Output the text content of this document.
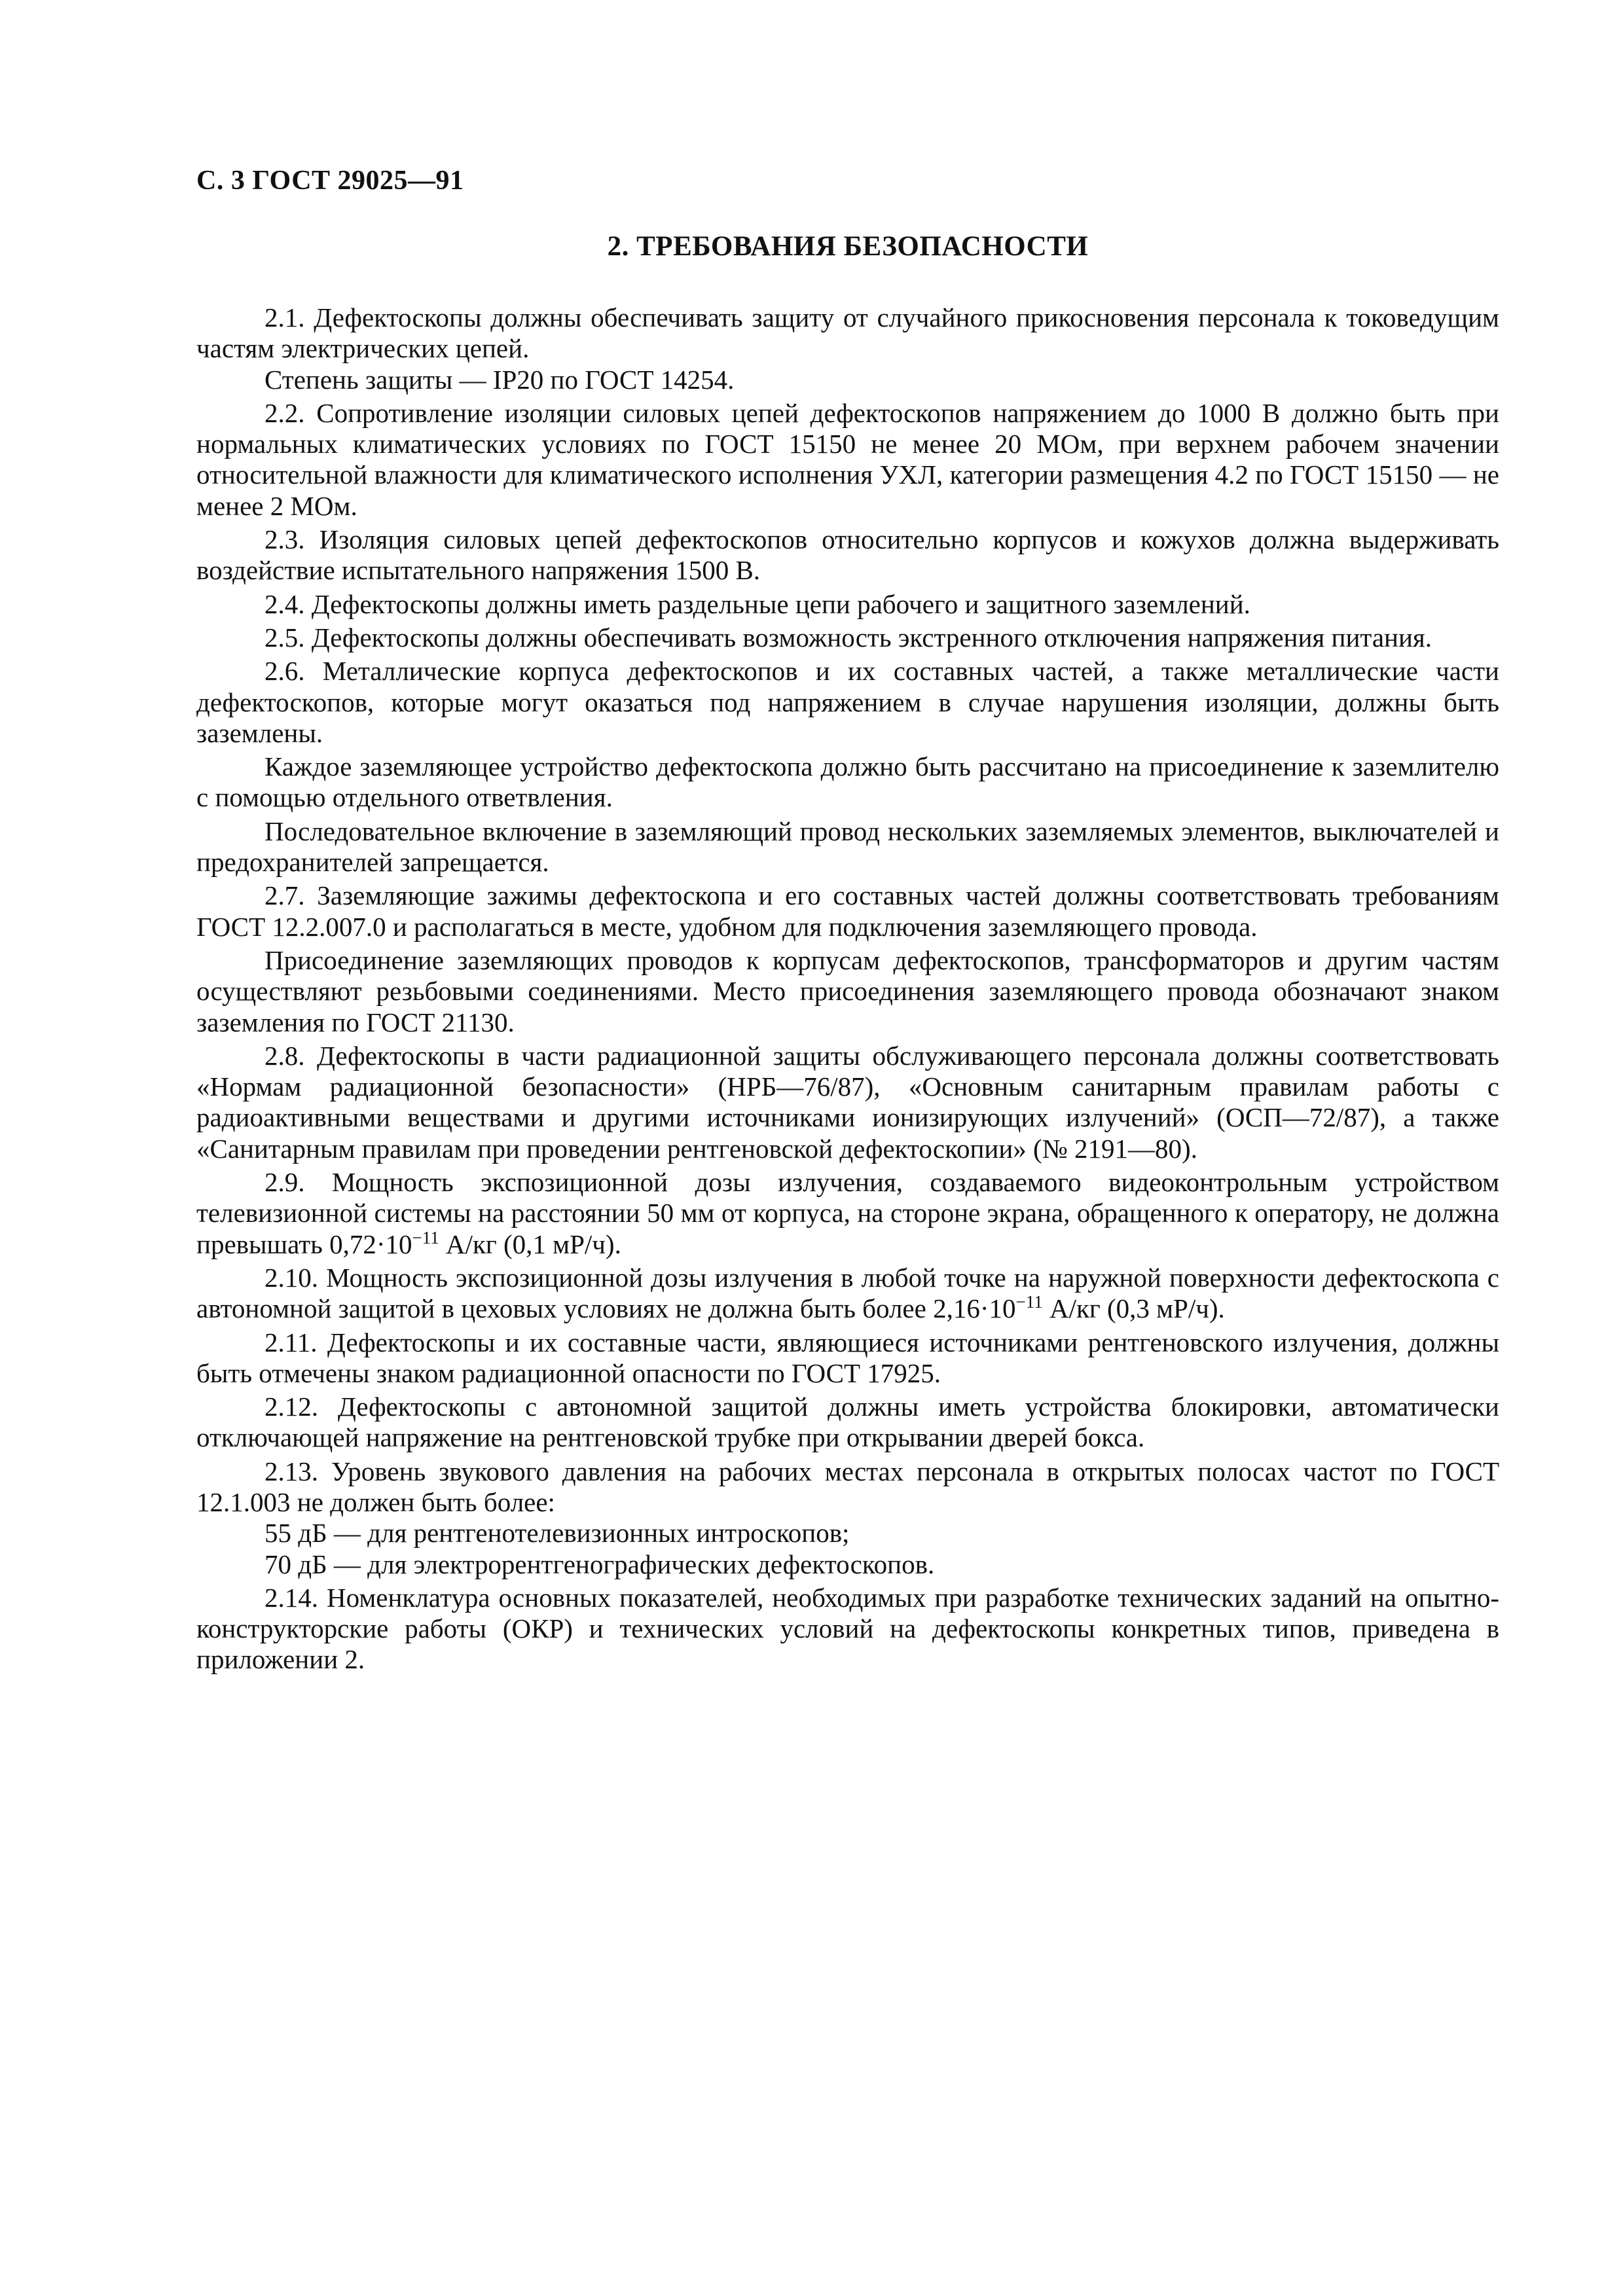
С. 3 ГОСТ 29025—91
2. ТРЕБОВАНИЯ БЕЗОПАСНОСТИ

2.1. Дефектоскопы должны обеспечивать защиту от случайного прикосновения персонала к токоведущим частям электрических цепей.

Степень защиты — IP20 по ГОСТ 14254.

2.2. Сопротивление изоляции силовых цепей дефектоскопов напряжением до 1000 В должно быть при нормальных климатических условиях по ГОСТ 15150 не менее 20 МОм, при верхнем рабочем значении относительной влажности для климатического исполнения УХЛ, категории размещения 4.2 по ГОСТ 15150 — не менее 2 МОм.

2.3. Изоляция силовых цепей дефектоскопов относительно корпусов и кожухов должна выдерживать воздействие испытательного напряжения 1500 В.

2.4. Дефектоскопы должны иметь раздельные цепи рабочего и защитного заземлений.

2.5. Дефектоскопы должны обеспечивать возможность экстренного отключения напряжения питания.

2.6. Металлические корпуса дефектоскопов и их составных частей, а также металлические части дефектоскопов, которые могут оказаться под напряжением в случае нарушения изоляции, должны быть заземлены.

Каждое заземляющее устройство дефектоскопа должно быть рассчитано на присоединение к заземлителю с помощью отдельного ответвления.

Последовательное включение в заземляющий провод нескольких заземляемых элементов, выключателей и предохранителей запрещается.

2.7. Заземляющие зажимы дефектоскопа и его составных частей должны соответствовать требованиям ГОСТ 12.2.007.0 и располагаться в месте, удобном для подключения заземляющего провода.

Присоединение заземляющих проводов к корпусам дефектоскопов, трансформаторов и другим частям осуществляют резьбовыми соединениями. Место присоединения заземляющего провода обозначают знаком заземления по ГОСТ 21130.

2.8. Дефектоскопы в части радиационной защиты обслуживающего персонала должны соответствовать «Нормам радиационной безопасности» (НРБ—76/87), «Основным санитарным правилам работы с радиоактивными веществами и другими источниками ионизирующих излучений» (ОСП—72/87), а также «Санитарным правилам при проведении рентгеновской дефектоскопии» (№ 2191—80).

2.9. Мощность экспозиционной дозы излучения, создаваемого видеоконтрольным устройством телевизионной системы на расстоянии 50 мм от корпуса, на стороне экрана, обращенного к оператору, не должна превышать $0,72\cdot 10^{-11}$ А/кг (0,1 мР/ч).

2.10. Мощность экспозиционной дозы излучения в любой точке на наружной поверхности дефектоскопа с автономной защитой в цеховых условиях не должна быть более $2,16\cdot 10^{-11}$ А/кг (0,3 мР/ч).

2.11. Дефектоскопы и их составные части, являющиеся источниками рентгеновского излучения, должны быть отмечены знаком радиационной опасности по ГОСТ 17925.

2.12. Дефектоскопы с автономной защитой должны иметь устройства блокировки, автоматически отключающей напряжение на рентгеновской трубке при открывании дверей бокса.

2.13. Уровень звукового давления на рабочих местах персонала в открытых полосах частот по ГОСТ 12.1.003 не должен быть более:

55 дБ — для рентгенотелевизионных интроскопов;

70 дБ — для электрорентгенографических дефектоскопов.

2.14. Номенклатура основных показателей, необходимых при разработке технических заданий на опытно-конструкторские работы (ОКР) и технических условий на дефектоскопы конкретных типов, приведена в приложении 2.
